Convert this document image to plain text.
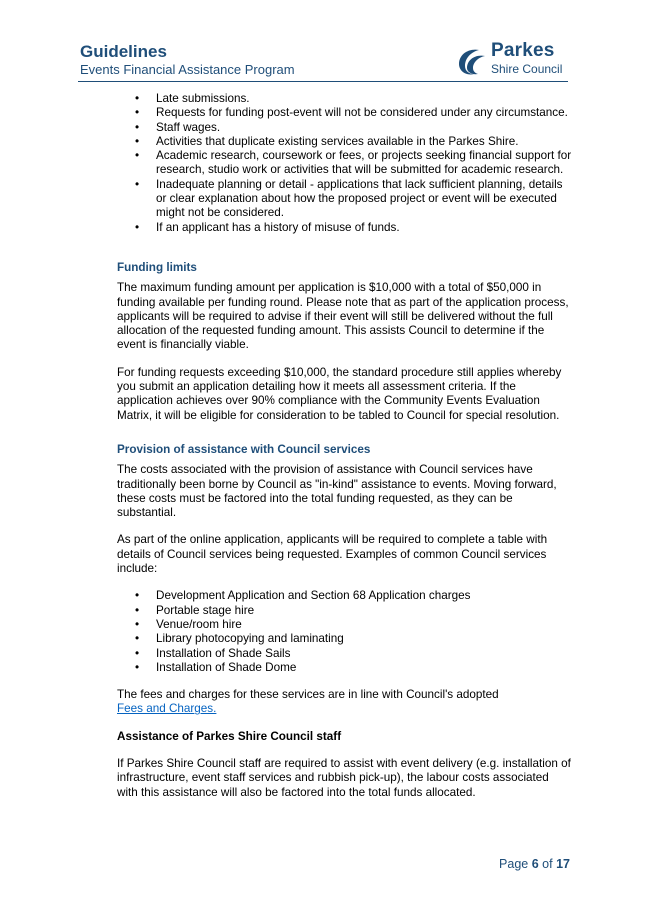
Guidelines
Events Financial Assistance Program
Parkes
Shire Council
• Late submissions.
• Requests for funding post-event will not be considered under any circumstance.
• Staff wages.
• Activities that duplicate existing services available in the Parkes Shire.
• Academic research, coursework or fees, or projects seeking financial support for research, studio work or activities that will be submitted for academic research.
• Inadequate planning or detail - applications that lack sufficient planning, details or clear explanation about how the proposed project or event will be executed might not be considered.
• If an applicant has a history of misuse of funds.
Funding limits

The maximum funding amount per application is $10,000 with a total of $50,000 in funding available per funding round. Please note that as part of the application process, applicants will be required to advise if their event will still be delivered without the full allocation of the requested funding amount. This assists Council to determine if the event is financially viable.

For funding requests exceeding $10,000, the standard procedure still applies whereby you submit an application detailing how it meets all assessment criteria. If the application achieves over 90% compliance with the Community Events Evaluation Matrix, it will be eligible for consideration to be tabled to Council for special resolution.

Provision of assistance with Council services

The costs associated with the provision of assistance with Council services have traditionally been borne by Council as "in-kind" assistance to events. Moving forward, these costs must be factored into the total funding requested, as they can be substantial.

As part of the online application, applicants will be required to complete a table with details of Council services being requested. Examples of common Council services include:

• Development Application and Section 68 Application charges
• Portable stage hire
• Venue/room hire
• Library photocopying and laminating
• Installation of Shade Sails
• Installation of Shade Dome

The fees and charges for these services are in line with Council's adopted
Fees and Charges.

Assistance of Parkes Shire Council staff

If Parkes Shire Council staff are required to assist with event delivery (e.g. installation of infrastructure, event staff services and rubbish pick-up), the labour costs associated with this assistance will also be factored into the total funds allocated.

Page 6 of 17
